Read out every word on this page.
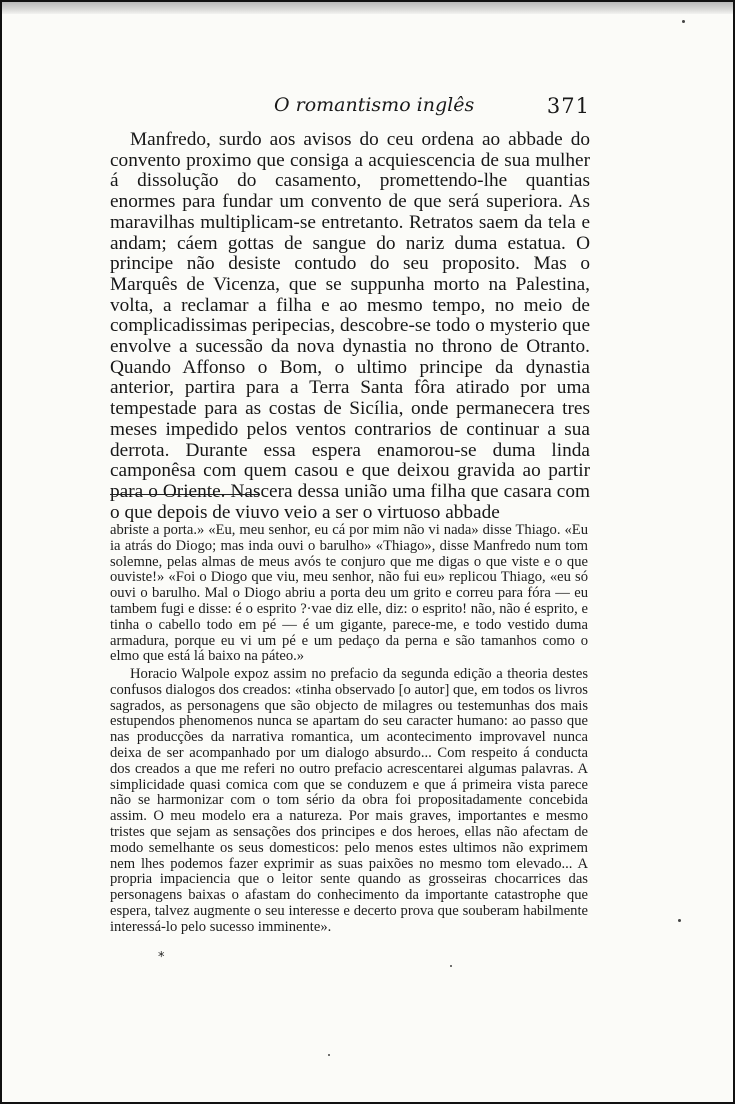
O romantismo inglês	371

Manfredo, surdo aos avisos do ceu ordena ao abbade do convento proximo que consiga a acquiescencia de sua mulher á dissolução do casamento, promettendo-lhe quantias enormes para fundar um convento de que será superiora. As maravilhas multiplicam-se entretanto. Retratos saem da tela e andam; cáem gottas de sangue do nariz duma estatua. O principe não desiste contudo do seu proposito. Mas o Marquês de Vicenza, que se suppunha morto na Palestina, volta, a reclamar a filha e ao mesmo tempo, no meio de complicadissimas peripecias, descobre-se todo o mysterio que envolve a sucessão da nova dynastia no throno de Otranto. Quando Affonso o Bom, o ultimo principe da dynastia anterior, partira para a Terra Santa fôra atirado por uma tempestade para as costas de Sicília, onde permanecera tres meses impedido pelos ventos contrarios de continuar a sua derrota. Durante essa espera enamorou-se duma linda camponêsa com quem casou e que deixou gravida ao partir para o Oriente. Nascera dessa união uma filha que casara com o que depois de viuvo veio a ser o virtuoso abbade

abriste a porta.» «Eu, meu senhor, eu cá por mim não vi nada» disse Thiago. «Eu ia atrás do Diogo; mas inda ouvi o barulho» «Thiago», disse Manfredo num tom solemne, pelas almas de meus avós te conjuro que me digas o que viste e o que ouviste!» «Foi o Diogo que viu, meu senhor, não fui eu» replicou Thiago, «eu só ouvi o barulho. Mal o Diogo abriu a porta deu um grito e correu para fóra — eu tambem fugi e disse: é o esprito ?·vae diz elle, diz: o esprito! não, não é esprito, e tinha o cabello todo em pé — é um gigante, parece-me, e todo vestido duma armadura, porque eu vi um pé e um pedaço da perna e são tamanhos como o elmo que está lá baixo na páteo.»

Horacio Walpole expoz assim no prefacio da segunda edição a theoria destes confusos dialogos dos creados: «tinha observado [o autor] que, em todos os livros sagrados, as personagens que são objecto de milagres ou testemunhas dos mais estupendos phenomenos nunca se apartam do seu caracter humano: ao passo que nas producções da narrativa romantica, um acontecimento improvavel nunca deixa de ser acompanhado por um dialogo absurdo... Com respeito á conducta dos creados a que me referi no outro prefacio acrescentarei algumas palavras. A simplicidade quasi comica com que se conduzem e que á primeira vista parece não se harmonizar com o tom sério da obra foi propositadamente concebida assim. O meu modelo era a natureza. Por mais graves, importantes e mesmo tristes que sejam as sensações dos principes e dos heroes, ellas não afectam de modo semelhante os seus domesticos: pelo menos estes ultimos não exprimem nem lhes podemos fazer exprimir as suas paixões no mesmo tom elevado... A propria impaciencia que o leitor sente quando as grosseiras chocarrices das personagens baixas o afastam do conhecimento da importante catastrophe que espera, talvez augmente o seu interesse e decerto prova que souberam habilmente interessá-lo pelo sucesso imminente».

*
